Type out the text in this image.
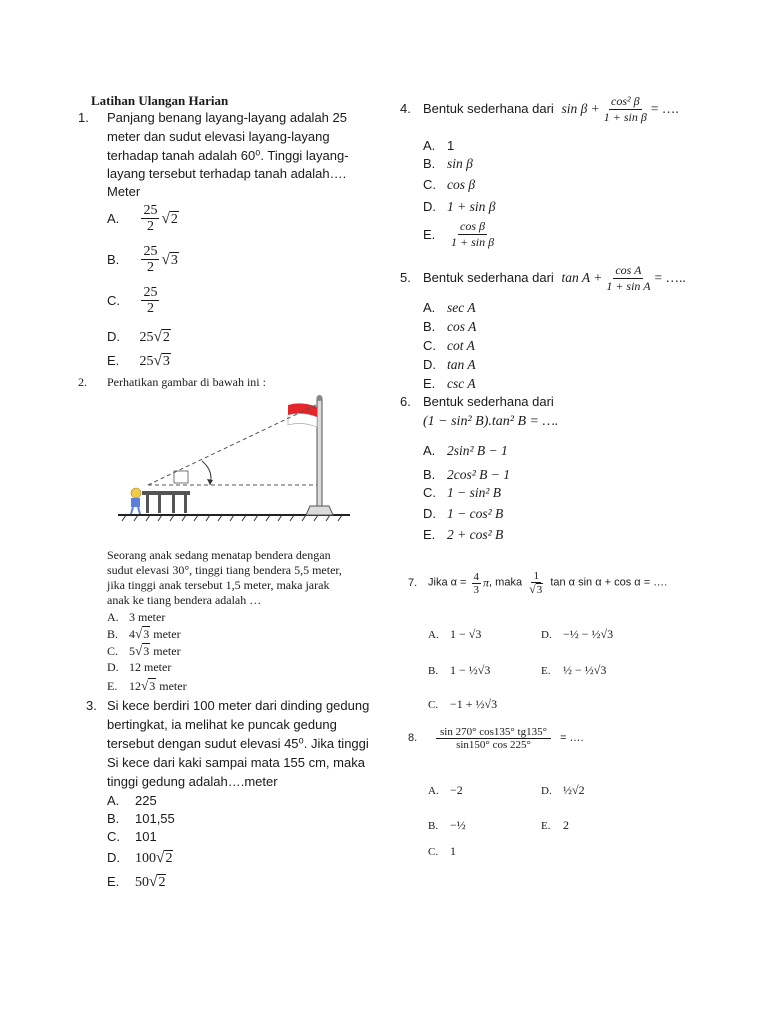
Latihan Ulangan Harian
1. Panjang benang layang-layang adalah 25
meter dan sudut elevasi layang-layang
terhadap tanah adalah 60⁰. Tinggi layang-
layang tersebut terhadap tanah adalah….
Meter
A. $\frac{25}{2} √2$
B. $\frac{25}{2} √3$
C. $\frac{25}{2}$
D. 25√2
E. 25√3
2. Perhatikan gambar di bawah ini :
Seorang anak sedang menatap bendera dengan
sudut elevasi 30°, tinggi tiang bendera 5,5 meter,
jika tinggi anak tersebut 1,5 meter, maka jarak
anak ke tiang bendera adalah …
A. 3 meter
B. 4√3 meter
C. 5√3 meter
D. 12 meter
E. 12√3 meter
3. Si kece berdiri 100 meter dari dinding gedung
bertingkat, ia melihat ke puncak gedung
tersebut dengan sudut elevasi 45⁰. Jika tinggi
Si kece dari kaki sampai mata 155 cm, maka
tinggi gedung adalah….meter
A. 225
B. 101,55
C. 101
D. 100√2
E. 50√2
4. Bentuk sederhana dari $\sin \beta + \frac{\text{cos² β}}{\text{1 + sin β}}$ = ….
A. 1
B. sin β
C. cos β
D. 1 + sin β
E. $\frac{\text{cos β}}{\text{1 + sin β}}$
5. Bentuk sederhana dari $\tan A + \frac{\text{cos A}}{\text{1 + sin A}}$ = …..
A. sec A
B. cos A
C. cot A
D. tan A
E. csc A
6. Bentuk sederhana dari
(1 − sin² B).tan² B = ….
A. 2sin² B − 1
B. 2cos² B − 1
C. 1 − sin² B
D. 1 − cos² B
E. 2 + cos² B
7. Jika $\alpha = \frac{4}{3} \pi$, maka $\frac{1}{√3}$ tan α sin α + cos α = ….
A. 1 − √3	D. −½ − ½√3
B. 1 − ½√3	E. ½ − ½√3
C. −1 + ½√3
8. $\frac{\sin 270^\circ \cos 135^\circ tg135^\circ}{\sin 150^\circ \cos 225^\circ}$ = ….
A. −2	D. ½√2
B. −½	E. 2
C. 1
